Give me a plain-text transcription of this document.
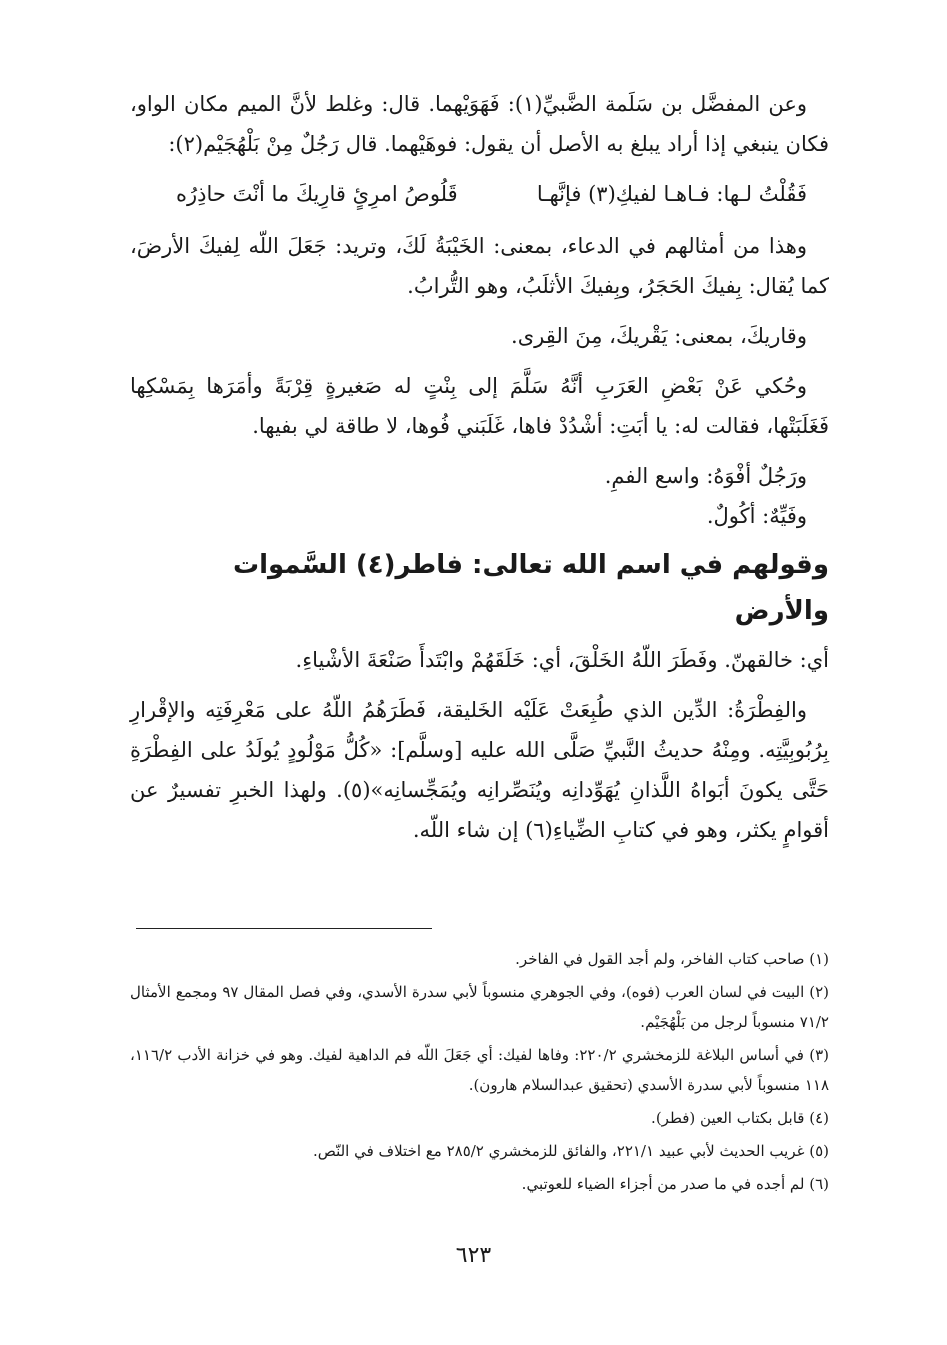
وعن المفضَّل بن سَلَمة الضَّبيِّ(١): فَهَوَيْهما. قال: وغلط لأنَّ الميم مكان الواو، فكان ينبغي إذا أراد يبلغ به الأصل أن يقول: فوهَيْهما. قال رَجُلٌ مِنْ بَلْهُجَيْم(٢):

فَقُلْتُ لـها: فـاهـا لفيكِ(٣) فإنَّهـا
قَلُوصُ امرِئٍ قارِيكَ ما أنْتَ حاذِرُه

وهذا من أمثالهم في الدعاء، بمعنى: الخَيْبَةُ لَكَ، وتريد: جَعَلَ اللّه لِفيكَ الأرضَ، كما يُقال: بِفيكَ الحَجَرُ، وبِفيكَ الأثلَبُ، وهو التُّرابُ.

وقاريكَ، بمعنى: يَقْريكَ، مِنَ القِرى.

وحُكي عَنْ بَعْضِ العَرَبِ أنَّهُ سَلَّمَ إلى بِنْتٍ له صَغيرةٍ قِرْبَةً وأمَرَها بِمَسْكِها فَغَلَبَتْها، فقالت له: يا أبَتِ: أشْدُدْ فاها، غَلَبَني فُوها، لا طاقة لي بفيها.

ورَجُلٌ أفْوَهُ: واسع الفمِ.

وفَيِّهٌ: أكُولٌ.

وقولهم في اسم الله تعالى: فاطر(٤) السَّموات والأرض

أي: خالقهنّ. وفَطَرَ اللّهُ الخَلْقَ، أي: خَلَقَهُمْ وابْتَدأَ صَنْعَةَ الأشْياءِ.

والفِطْرَةُ: الدِّين الذي طُبِعَتْ عَلَيْه الخَليقة، فَطَرَهُمُ اللّهُ على مَعْرِفَتِه والإقْرارِ بِرُبُوبِيَّتِه. ومِنْهُ حديثُ النَّبيِّ صَلَّى الله عليه [وسلَّم]: «كُلُّ مَوْلُودٍ يُولَدُ على الفِطْرَةِ حَتَّى يكونَ أبَواهُ اللَّذانِ يُهَوِّدانِه ويُنَصِّرانِه ويُمَجِّسانِه»(٥). ولهذا الخبرِ تفسيرٌ عن أقوامٍ يكثر، وهو في كتابِ الضِّياءِ(٦) إن شاء اللّه.

(١) صاحب كتاب الفاخر، ولم أجد القول في الفاخر.

(٢) البيت في لسان العرب (فوه)، وفي الجوهري منسوباً لأبي سدرة الأسدي، وفي فصل المقال ٩٧ ومجمع الأمثال ٧١/٢ منسوباً لرجل من بَلْهُجَيْم.

(٣) في أساس البلاغة للزمخشري ٢٢٠/٢: وفاها لفيك: أي جَعَلَ اللّه فم الداهية لفيك. وهو في خزانة الأدب ١١٦/٢، ١١٨ منسوباً لأبي سدرة الأسدي (تحقيق عبدالسلام هارون).

(٤) قابل بكتاب العين (فطر).

(٥) غريب الحديث لأبي عبيد ٢٢١/١، والفائق للزمخشري ٢٨٥/٢ مع اختلاف في النّص.

(٦) لم أجده في ما صدر من أجزاء الضياء للعوتبي.

٦٢٣
